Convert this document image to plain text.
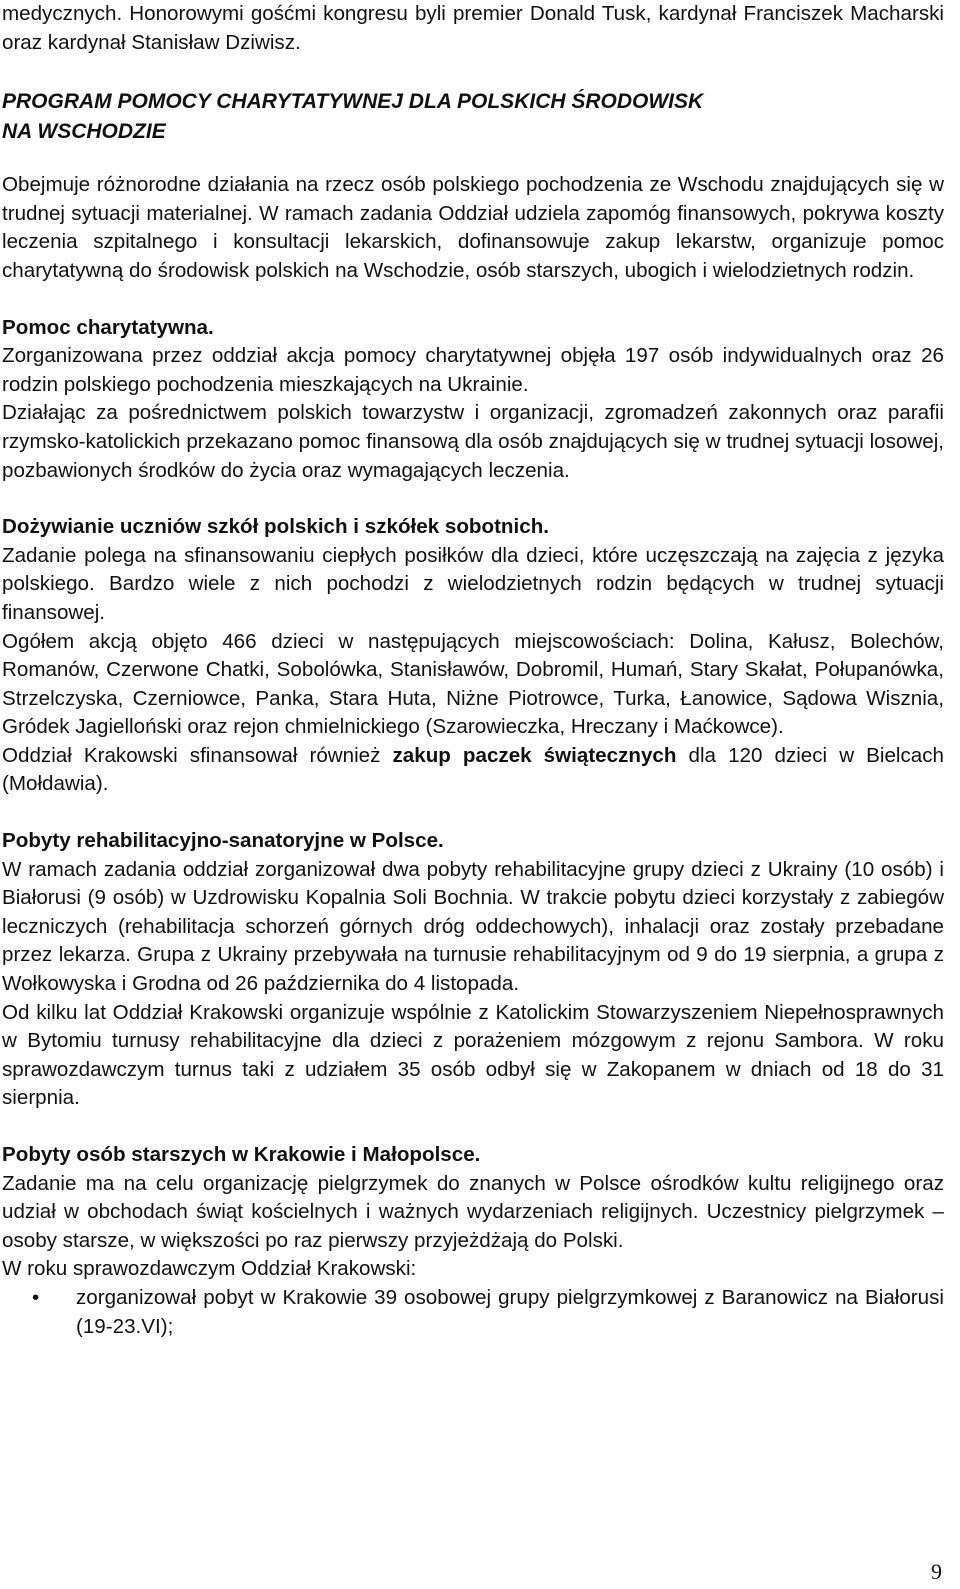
medycznych. Honorowymi gośćmi kongresu byli premier Donald Tusk, kardynał Franciszek Macharski oraz kardynał Stanisław Dziwisz.

PROGRAM POMOCY CHARYTATYWNEJ DLA POLSKICH ŚRODOWISK

NA WSCHODZIE

Obejmuje różnorodne działania na rzecz osób polskiego pochodzenia ze Wschodu znajdujących się w trudnej sytuacji materialnej. W ramach zadania Oddział udziela zapomóg finansowych, pokrywa koszty leczenia szpitalnego i konsultacji lekarskich, dofinansowuje zakup lekarstw, organizuje pomoc charytatywną do środowisk polskich na Wschodzie, osób starszych, ubogich i wielodzietnych rodzin.

Pomoc charytatywna.

Zorganizowana przez oddział akcja pomocy charytatywnej objęła 197 osób indywidualnych oraz 26 rodzin polskiego pochodzenia mieszkających na Ukrainie.

Działając za pośrednictwem polskich towarzystw i organizacji, zgromadzeń zakonnych oraz parafii rzymsko-katolickich przekazano pomoc finansową dla osób znajdujących się w trudnej sytuacji losowej, pozbawionych środków do życia oraz wymagających leczenia.

Dożywianie uczniów szkół polskich i szkółek sobotnich.

Zadanie polega na sfinansowaniu ciepłych posiłków dla dzieci, które uczęszczają na zajęcia z języka polskiego. Bardzo wiele z nich pochodzi z wielodzietnych rodzin będących w trudnej sytuacji finansowej.

Ogółem akcją objęto 466 dzieci w następujących miejscowościach: Dolina, Kałusz, Bolechów, Romanów, Czerwone Chatki, Sobolówka, Stanisławów, Dobromil, Humań, Stary Skałat, Połupanówka, Strzelczyska, Czerniowce, Panka, Stara Huta, Niżne Piotrowce, Turka, Łanowice, Sądowa Wisznia, Gródek Jagielloński oraz rejon chmielnickiego (Szarowieczka, Hreczany i Maćkowce).

Oddział Krakowski sfinansował również zakup paczek świątecznych dla 120 dzieci w Bielcach (Mołdawia).

Pobyty rehabilitacyjno-sanatoryjne w Polsce.

W ramach zadania oddział zorganizował dwa pobyty rehabilitacyjne grupy dzieci z Ukrainy (10 osób) i Białorusi (9 osób) w Uzdrowisku Kopalnia Soli Bochnia. W trakcie pobytu dzieci korzystały z zabiegów leczniczych (rehabilitacja schorzeń górnych dróg oddechowych), inhalacji oraz zostały przebadane przez lekarza. Grupa z Ukrainy przebywała na turnusie rehabilitacyjnym od 9 do 19 sierpnia, a grupa z Wołkowyska i Grodna od 26 października do 4 listopada.

Od kilku lat Oddział Krakowski organizuje wspólnie z Katolickim Stowarzyszeniem Niepełnosprawnych w Bytomiu turnusy rehabilitacyjne dla dzieci z porażeniem mózgowym z rejonu Sambora. W roku sprawozdawczym turnus taki z udziałem 35 osób odbył się w Zakopanem w dniach od 18 do 31 sierpnia.

Pobyty osób starszych w Krakowie i Małopolsce.

Zadanie ma na celu organizację pielgrzymek do znanych w Polsce ośrodków kultu religijnego oraz udział w obchodach świąt kościelnych i ważnych wydarzeniach religijnych. Uczestnicy pielgrzymek – osoby starsze, w większości po raz pierwszy przyjeżdżają do Polski.

W roku sprawozdawczym Oddział Krakowski:

• zorganizował pobyt w Krakowie 39 osobowej grupy pielgrzymkowej z Baranowicz na Białorusi (19-23.VI);
9
